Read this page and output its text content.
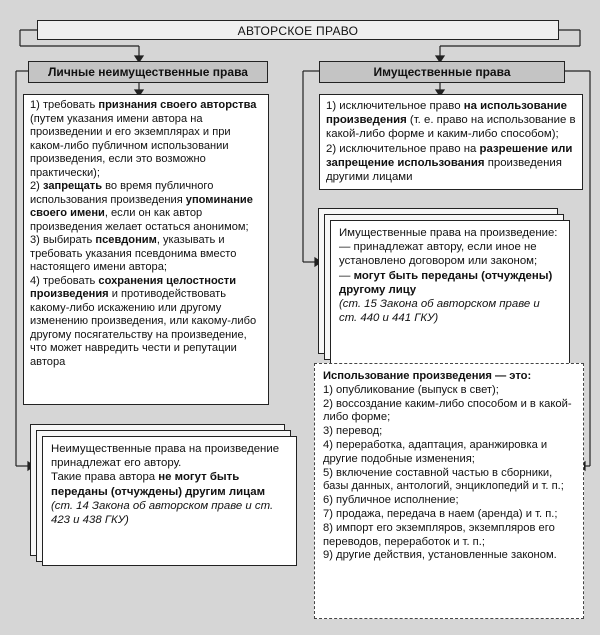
АВТОРСКОЕ ПРАВО
Личные неимущественные права	Имущественные права
1) требовать признания своего авторства (путем указания имени автора на произведении и его экземплярах и при каком-либо публичном использовании произведения, если это возможно практически);
2) запрещать во время публичного использования произведения упоминание своего имени, если он как автор произведения желает остаться анонимом;
3) выбирать псевдоним, указывать и требовать указания псевдонима вместо настоящего имени автора;
4) требовать сохранения целостности произведения и противодействовать какому-либо искажению или другому изменению произведения, или какому-либо другому посягательству на произведение, что может навредить чести и репутации автора
Неимущественные права на произведение принадлежат его автору.
Такие права автора не могут быть переданы (отчуждены) другим лицам
(ст. 14 Закона об авторском праве и ст. 423 и 438 ГКУ)
1) исключительное право на использование произведения (т. е. право на использование в какой-либо форме и каким-либо способом);
2) исключительное право на разрешение или запрещение использования произведения другими лицами
Имущественные права на произведение:
— принадлежат автору, если иное не установлено договором или законом;
— могут быть переданы (отчуждены) другому лицу
(ст. 15 Закона об авторском праве и ст. 440 и 441 ГКУ)
Использование произведения — это:
1) опубликование (выпуск в свет);
2) воссоздание каким-либо способом и в какой-либо форме;
3) перевод;
4) переработка, адаптация, аранжировка и другие подобные изменения;
5) включение составной частью в сборники, базы данных, антологий, энциклопедий и т. п.;
6) публичное исполнение;
7) продажа, передача в наем (аренда) и т. п.;
8) импорт его экземпляров, экземпляров его переводов, переработок и т. п.;
9) другие действия, установленные законом.
